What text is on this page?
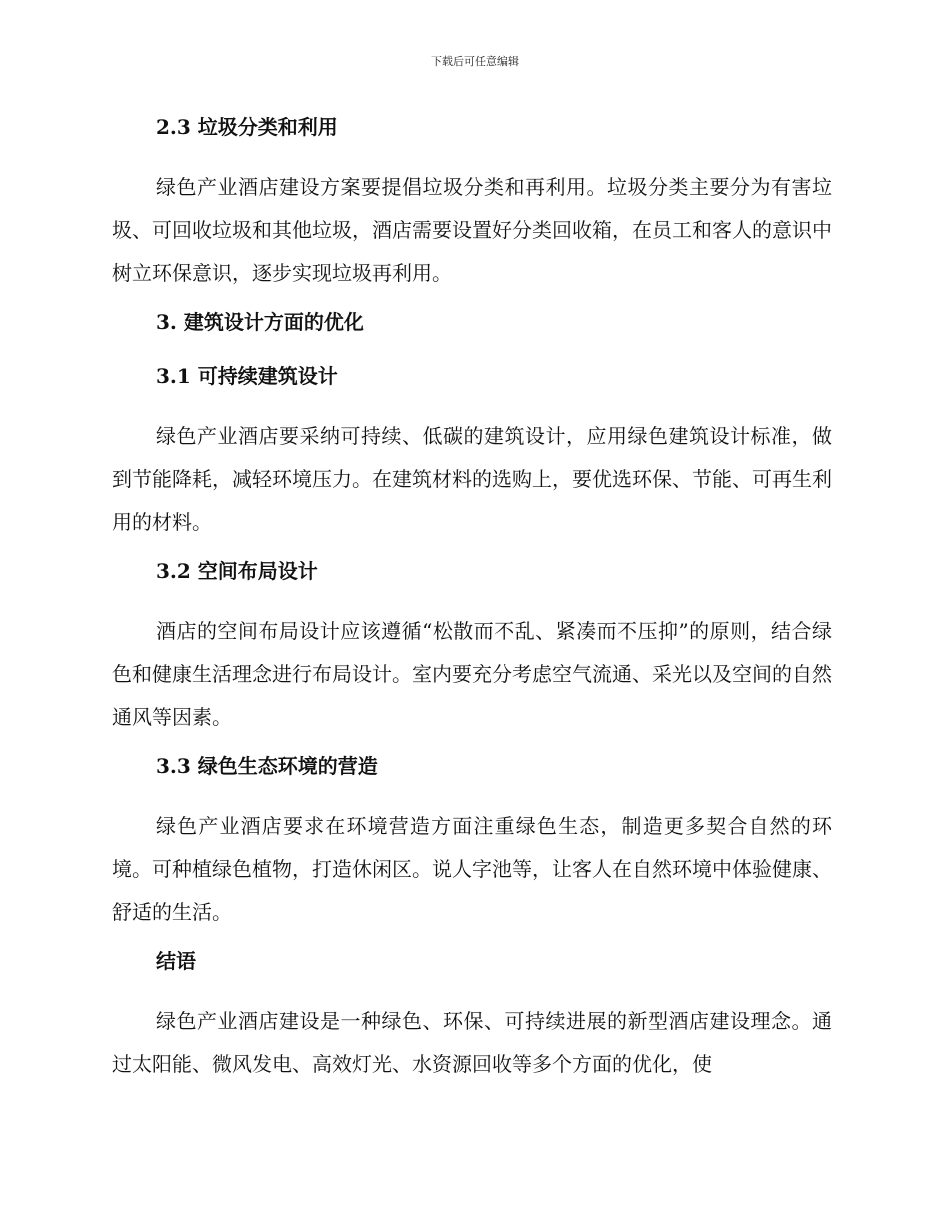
下载后可任意编辑
2.3 垃圾分类和利用

绿色产业酒店建设方案要提倡垃圾分类和再利用。垃圾分类主要分为有害垃圾、可回收垃圾和其他垃圾，酒店需要设置好分类回收箱，在员工和客人的意识中树立环保意识，逐步实现垃圾再利用。

3. 建筑设计方面的优化
3.1 可持续建筑设计

绿色产业酒店要采纳可持续、低碳的建筑设计，应用绿色建筑设计标准，做到节能降耗，减轻环境压力。在建筑材料的选购上，要优选环保、节能、可再生利用的材料。

3.2 空间布局设计

酒店的空间布局设计应该遵循“松散而不乱、紧凑而不压抑”的原则，结合绿色和健康生活理念进行布局设计。室内要充分考虑空气流通、采光以及空间的自然通风等因素。

3.3 绿色生态环境的营造

绿色产业酒店要求在环境营造方面注重绿色生态，制造更多契合自然的环境。可种植绿色植物，打造休闲区。说人字池等，让客人在自然环境中体验健康、舒适的生活。

结语

绿色产业酒店建设是一种绿色、环保、可持续进展的新型酒店建设理念。通过太阳能、微风发电、高效灯光、水资源回收等多个方面的优化，使
